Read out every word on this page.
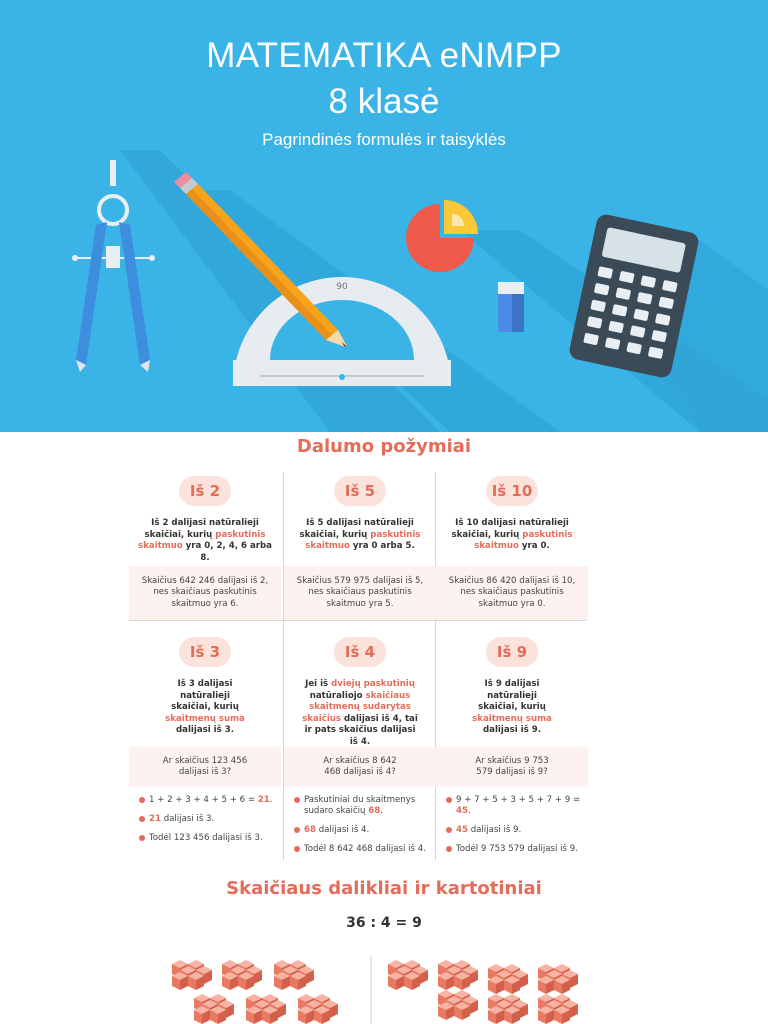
MATEMATIKA eNMPP
8 klasė
Pagrindinės formulės ir taisyklės
90
Dalumo požymiai
Iš 2
Iš 2 dalijasi natūralieji skaičiai, kurių paskutinis skaitmuo yra 0, 2, 4, 6 arba 8.
Skaičius 642 246 dalijasi iš 2, nes skaičiaus paskutinis skaitmuo yra 6.
Iš 5
Iš 5 dalijasi natūralieji skaičiai, kurių paskutinis skaitmuo yra 0 arba 5.
Skaičius 579 975 dalijasi iš 5, nes skaičiaus paskutinis skaitmuo yra 5.
Iš 10
Iš 10 dalijasi natūralieji skaičiai, kurių paskutinis skaitmuo yra 0.
Skaičius 86 420 dalijasi iš 10, nes skaičiaus paskutinis skaitmuo yra 0.
Iš 3
Iš 3 dalijasi natūralieji skaičiai, kurių skaitmenų suma dalijasi iš 3.
Ar skaičius 123 456 dalijasi iš 3?
1 + 2 + 3 + 4 + 5 + 6 = 21.
21 dalijasi iš 3.
Todėl 123 456 dalijasi iš 3.
Iš 4
Jei iš dviejų paskutinių natūraliojo skaičiaus skaitmenų sudarytas skaičius dalijasi iš 4, tai ir pats skaičius dalijasi iš 4.
Ar skaičius 8 642 468 dalijasi iš 4?
Paskutiniai du skaitmenys sudaro skaičių 68.
68 dalijasi iš 4.
Todėl 8 642 468 dalijasi iš 4.
Iš 9
Iš 9 dalijasi natūralieji skaičiai, kurių skaitmenų suma dalijasi iš 9.
Ar skaičius 9 753 579 dalijasi iš 9?
9 + 7 + 5 + 3 + 5 + 7 + 9 = 45.
45 dalijasi iš 9.
Todėl 9 753 579 dalijasi iš 9.
Skaičiaus dalikliai ir kartotiniai
36 : 4 = 9
